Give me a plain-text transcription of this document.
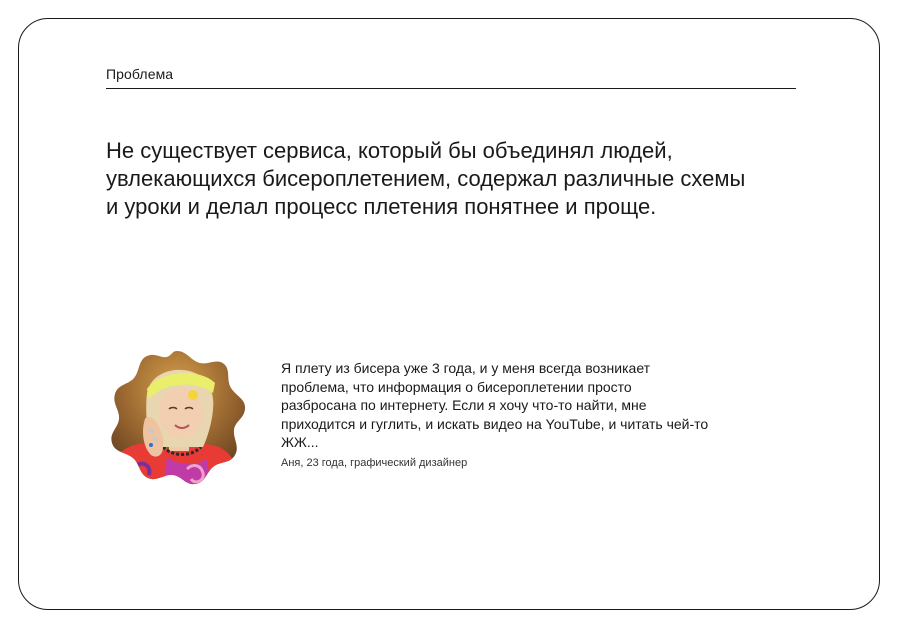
Проблема
Не существует сервиса, который бы объединял людей, увлекающихся бисероплетением, содержал различные схемы и уроки и делал процесс плетения понятнее и проще.

Я плету из бисера уже 3 года, и у меня всегда возникает проблема, что информация о бисероплетении просто разбросана по интернету. Если я хочу что-то найти, мне приходится и гуглить, и искать видео на YouTube, и читать чей-то ЖЖ...

Аня, 23 года, графический дизайнер
